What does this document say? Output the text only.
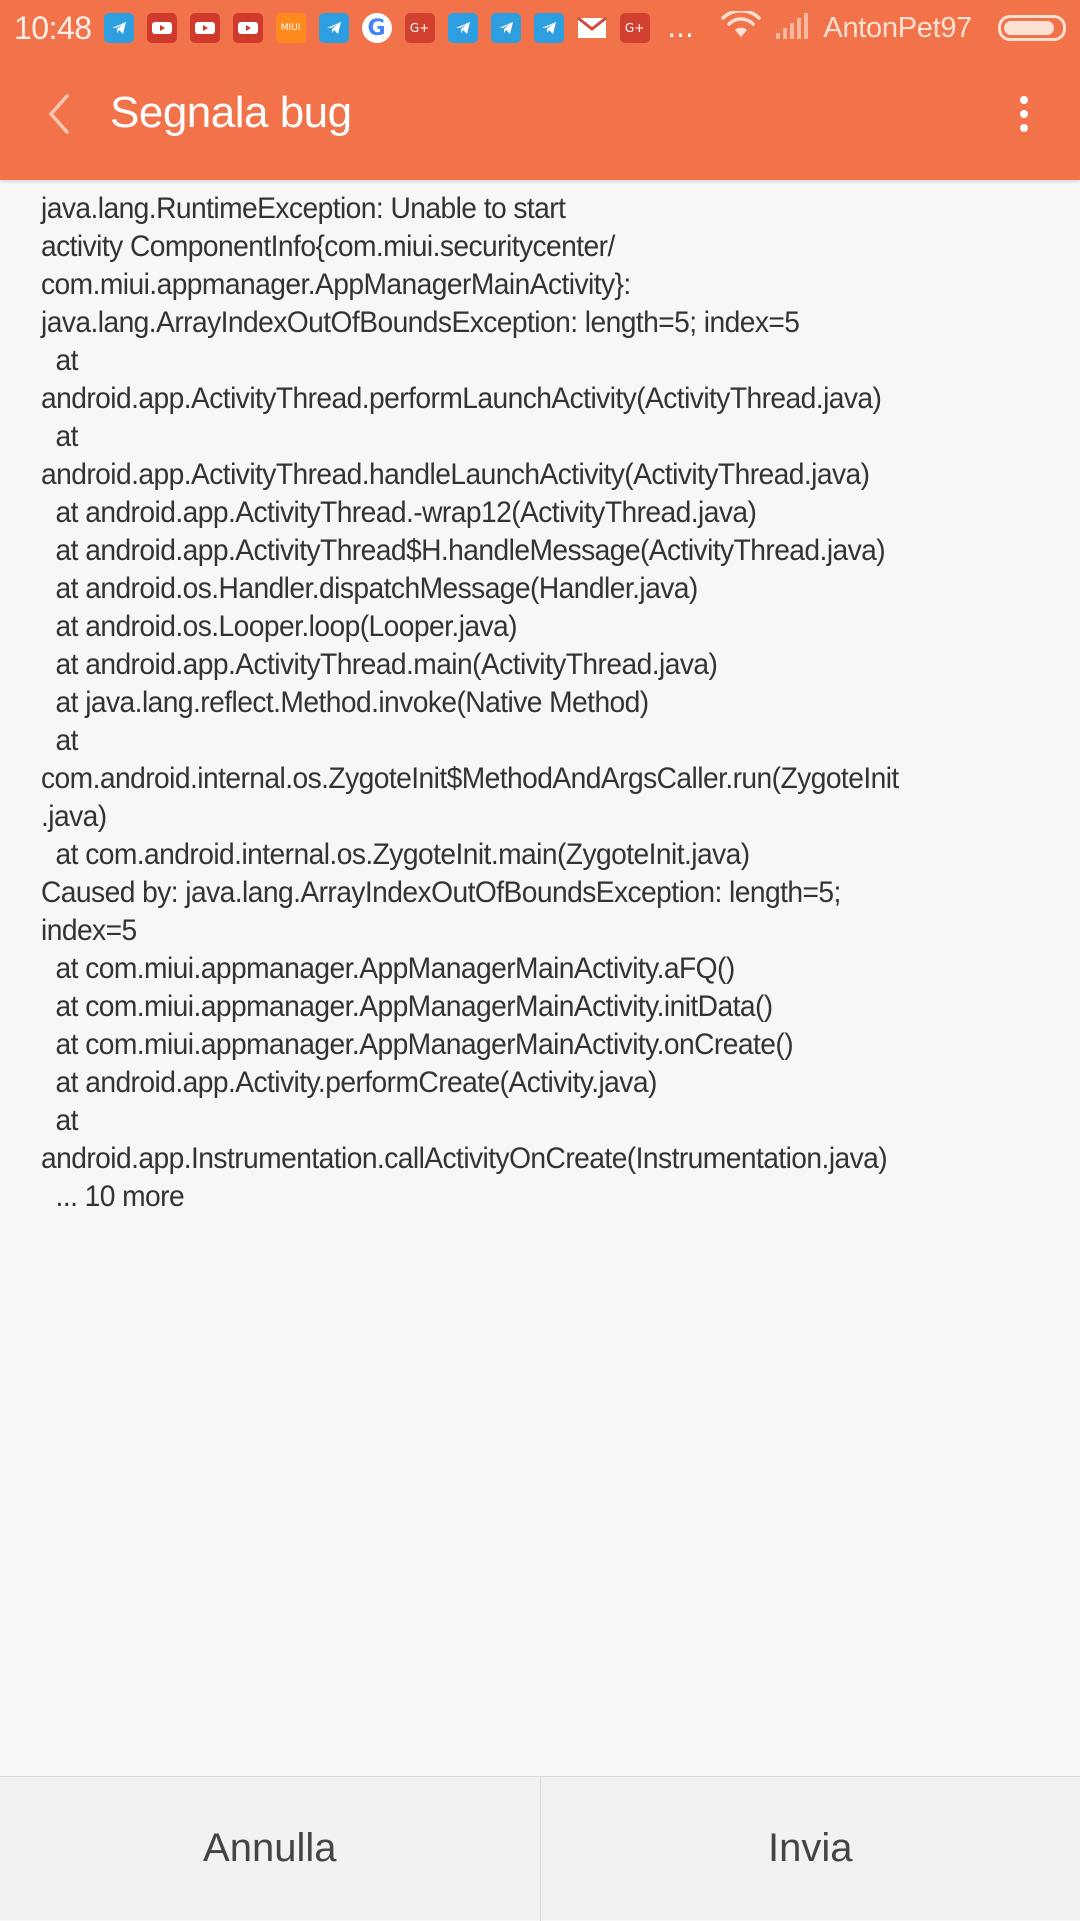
10:48	MIUI	G	G+	G+ ...	AntonPet97
Segnala bug
java.lang.RuntimeException: Unable to start
activity ComponentInfo{com.miui.securitycenter/
com.miui.appmanager.AppManagerMainActivity}:
java.lang.ArrayIndexOutOfBoundsException: length=5; index=5
at
android.app.ActivityThread.performLaunchActivity(ActivityThread.java)
at
android.app.ActivityThread.handleLaunchActivity(ActivityThread.java)
at android.app.ActivityThread.-wrap12(ActivityThread.java)
at android.app.ActivityThread$H.handleMessage(ActivityThread.java)
at android.os.Handler.dispatchMessage(Handler.java)
at android.os.Looper.loop(Looper.java)
at android.app.ActivityThread.main(ActivityThread.java)
at java.lang.reflect.Method.invoke(Native Method)
at
com.android.internal.os.ZygoteInit$MethodAndArgsCaller.run(ZygoteInit
.java)
at com.android.internal.os.ZygoteInit.main(ZygoteInit.java)
Caused by: java.lang.ArrayIndexOutOfBoundsException: length=5;
index=5
at com.miui.appmanager.AppManagerMainActivity.aFQ()
at com.miui.appmanager.AppManagerMainActivity.initData()
at com.miui.appmanager.AppManagerMainActivity.onCreate()
at android.app.Activity.performCreate(Activity.java)
at
android.app.Instrumentation.callActivityOnCreate(Instrumentation.java)
... 10 more
Annulla	Invia
